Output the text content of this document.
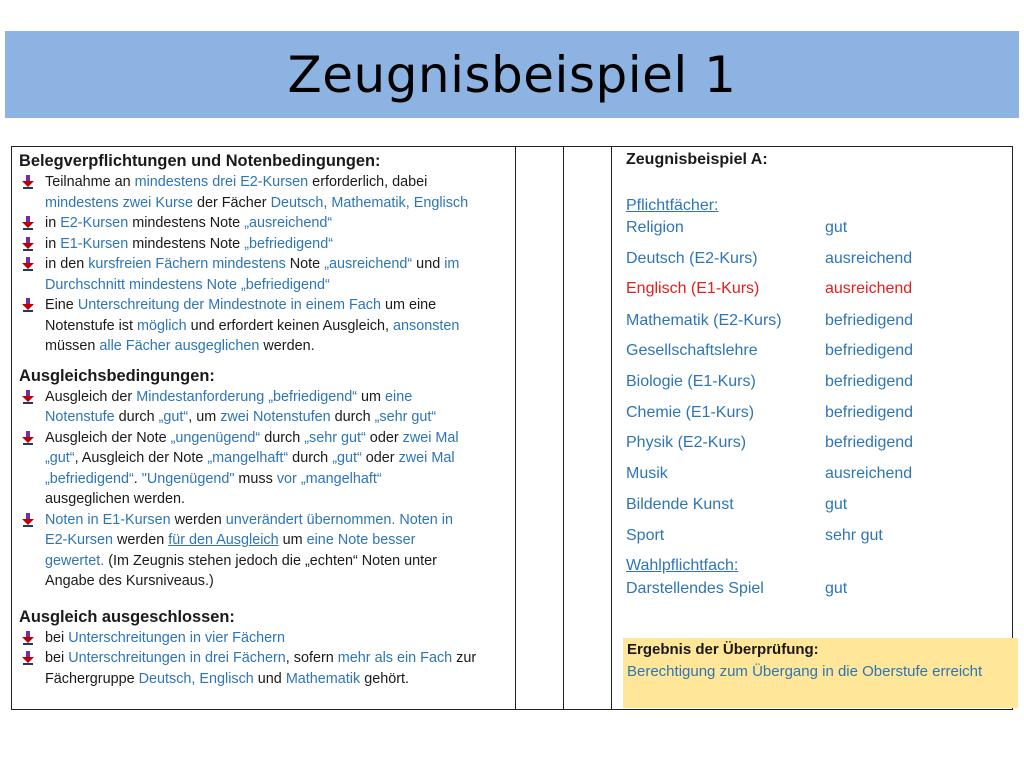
Zeugnisbeispiel 1
Belegverpflichtungen und Notenbedingungen:
Teilnahme an mindestens drei E2-Kursen erforderlich, dabei
mindestens zwei Kurse der Fächer Deutsch, Mathematik, Englisch
in E2-Kursen mindestens Note „ausreichend“
in E1-Kursen mindestens Note „befriedigend“
in den kursfreien Fächern mindestens Note „ausreichend“ und im
Durchschnitt mindestens Note „befriedigend“
Eine Unterschreitung der Mindestnote in einem Fach um eine
Notenstufe ist möglich und erfordert keinen Ausgleich, ansonsten
müssen alle Fächer ausgeglichen werden.
Ausgleichsbedingungen:
Ausgleich der Mindestanforderung „befriedigend“ um eine
Notenstufe durch „gut“, um zwei Notenstufen durch „sehr gut“
Ausgleich der Note „ungenügend“ durch „sehr gut“ oder zwei Mal
„gut“, Ausgleich der Note „mangelhaft“ durch „gut“ oder zwei Mal
„befriedigend“. "Ungenügend" muss vor „mangelhaft“
ausgeglichen werden.
Noten in E1-Kursen werden unverändert übernommen. Noten in
E2-Kursen werden für den Ausgleich um eine Note besser
gewertet. (Im Zeugnis stehen jedoch die „echten“ Noten unter
Angabe des Kursniveaus.)
Ausgleich ausgeschlossen:
bei Unterschreitungen in vier Fächern
bei Unterschreitungen in drei Fächern, sofern mehr als ein Fach zur
Fächergruppe Deutsch, Englisch und Mathematik gehört.
Zeugnisbeispiel A:
Pflichtfächer:
Religion	gut
Deutsch (E2-Kurs)	ausreichend
Englisch (E1-Kurs)	ausreichend
Mathematik (E2-Kurs)	befriedigend
Gesellschaftslehre	befriedigend
Biologie (E1-Kurs)	befriedigend
Chemie (E1-Kurs)	befriedigend
Physik (E2-Kurs)	befriedigend
Musik	ausreichend
Bildende Kunst	gut
Sport	sehr gut
Wahlpflichtfach:
Darstellendes Spiel	gut
Ergebnis der Überprüfung:
Berechtigung zum Übergang in die Oberstufe erreicht
